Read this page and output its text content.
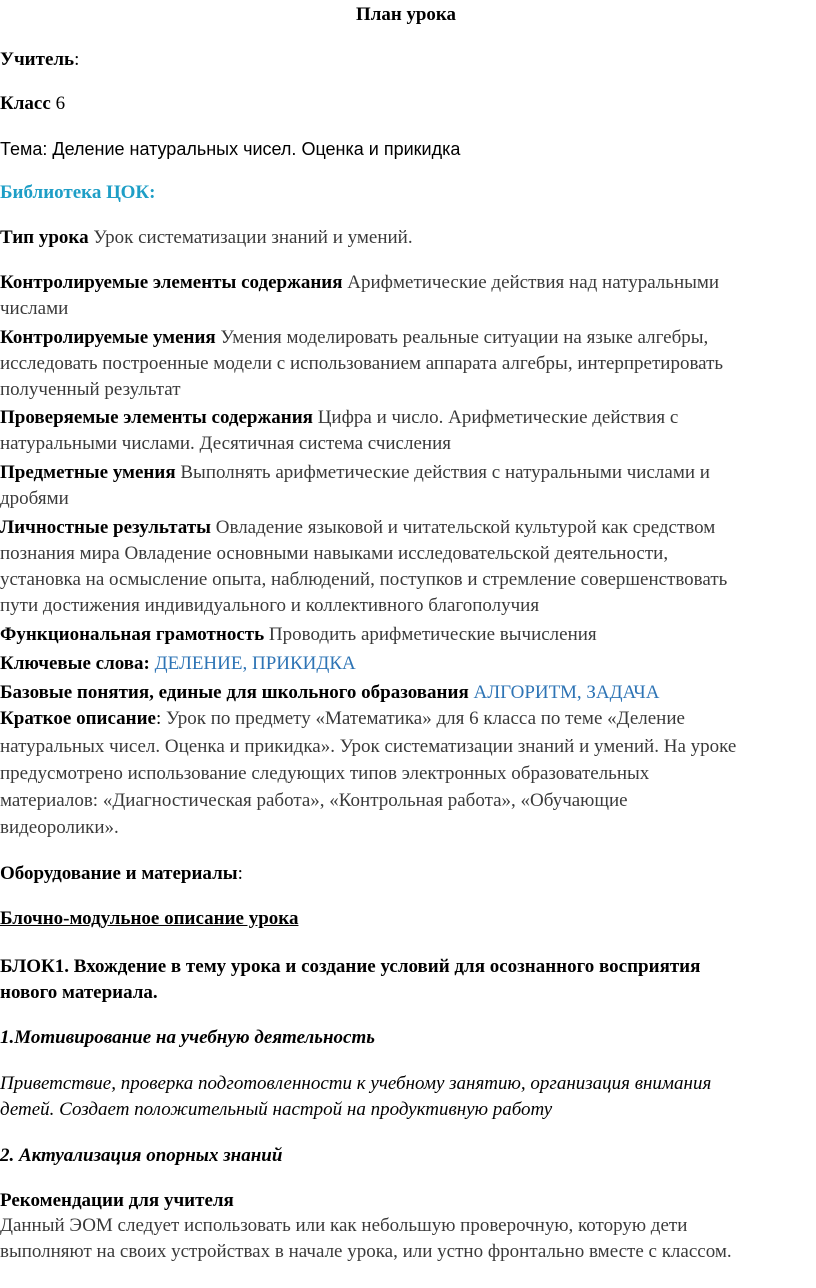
План урока
Учитель:
Класс 6
Тема: Деление натуральных чисел. Оценка и прикидка
Библиотека ЦОК:
Тип урока Урок систематизации знаний и умений.
Контролируемые элементы содержания Арифметические действия над натуральными
числами
Контролируемые умения Умения моделировать реальные ситуации на языке алгебры,
исследовать построенные модели с использованием аппарата алгебры, интерпретировать
полученный результат
Проверяемые элементы содержания Цифра и число. Арифметические действия с
натуральными числами. Десятичная система счисления
Предметные умения Выполнять арифметические действия с натуральными числами и
дробями
Личностные результаты Овладение языковой и читательской культурой как средством
познания мира Овладение основными навыками исследовательской деятельности,
установка на осмысление опыта, наблюдений, поступков и стремление совершенствовать
пути достижения индивидуального и коллективного благополучия
Функциональная грамотность Проводить арифметические вычисления
Ключевые слова: ДЕЛЕНИЕ, ПРИКИДКА
Базовые понятия, единые для школьного образования АЛГОРИТМ, ЗАДАЧА
Краткое описание: Урок по предмету «Математика» для 6 класса по теме «Деление
натуральных чисел. Оценка и прикидка». Урок систематизации знаний и умений. На уроке
предусмотрено использование следующих типов электронных образовательных
материалов: «Диагностическая работа», «Контрольная работа», «Обучающие
видеоролики».
Оборудование и материалы:
Блочно-модульное описание урока
БЛОК1. Вхождение в тему урока и создание условий для осознанного восприятия
нового материала.
1.Мотивирование на учебную деятельность
Приветствие, проверка подготовленности к учебному занятию, организация внимания
детей. Создает положительный настрой на продуктивную работу
2. Актуализация опорных знаний
Рекомендации для учителя
Данный ЭОМ следует использовать или как небольшую проверочную, которую дети
выполняют на своих устройствах в начале урока, или устно фронтально вместе с классом.
